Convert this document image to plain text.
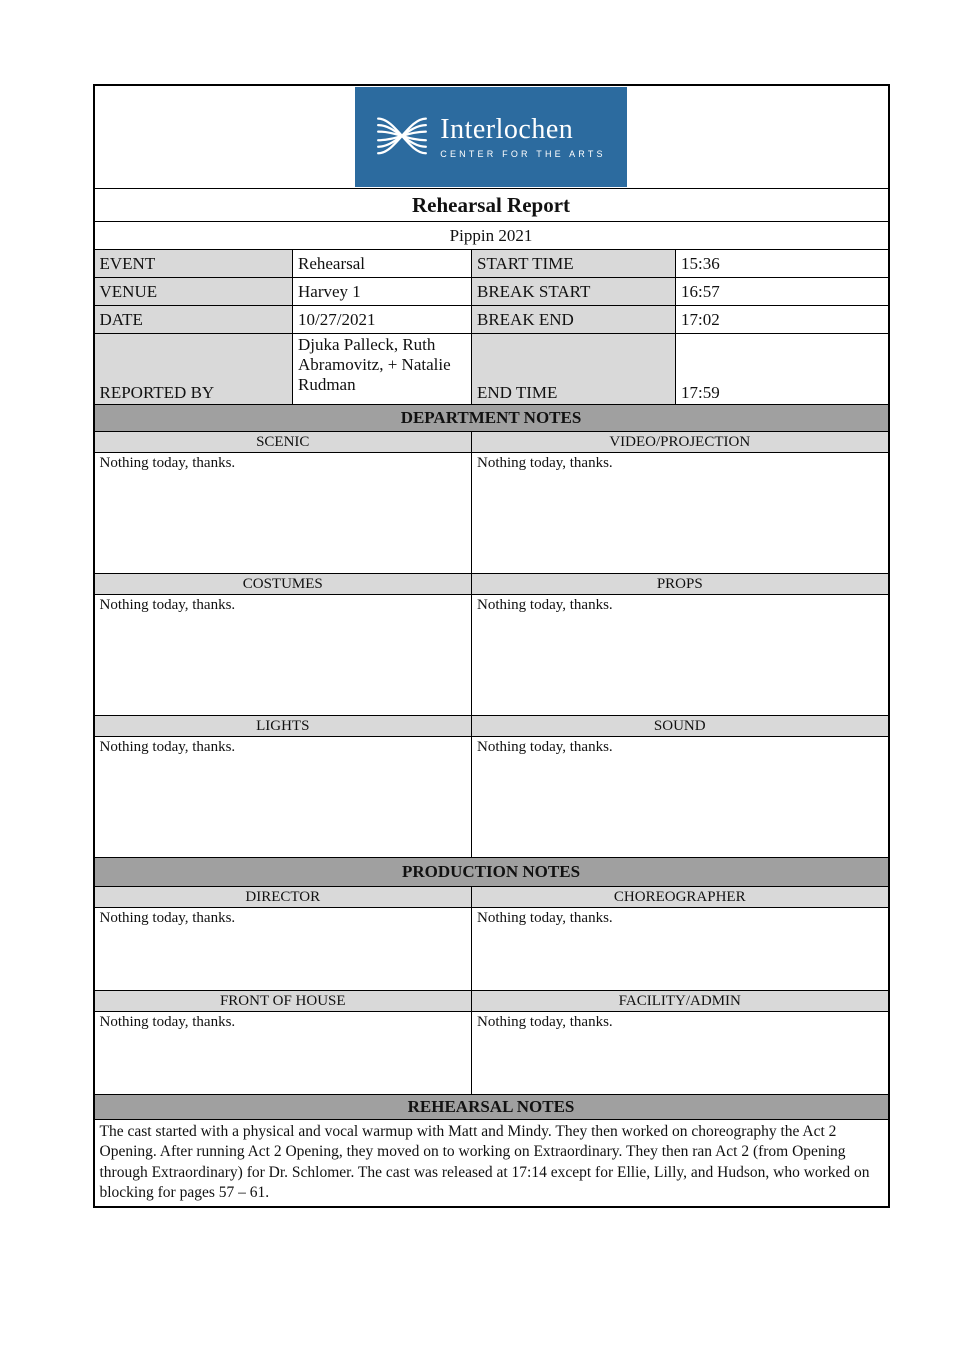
Interlochen
CENTER FOR THE ARTS			

Rehearsal Report			
Pippin 2021			
EVENT	Rehearsal	START TIME	15:36
VENUE	Harvey 1	BREAK START	16:57
DATE	10/27/2021	BREAK END	17:02
REPORTED BY	Djuka Palleck, Ruth Abramovitz, + Natalie Rudman	END TIME	17:59
DEPARTMENT NOTES			
SCENIC		VIDEO/PROJECTION	
Nothing today, thanks.		Nothing today, thanks.	
COSTUMES		PROPS	
Nothing today, thanks.		Nothing today, thanks.	
LIGHTS		SOUND	
Nothing today, thanks.		Nothing today, thanks.	
PRODUCTION NOTES			
DIRECTOR		CHOREOGRAPHER	
Nothing today, thanks.		Nothing today, thanks.	
FRONT OF HOUSE		FACILITY/ADMIN	
Nothing today, thanks.		Nothing today, thanks.	
REHEARSAL NOTES			
The cast started with a physical and vocal warmup with Matt and Mindy. They then worked on choreography the Act 2 Opening. After running Act 2 Opening, they moved on to working on Extraordinary. They then ran Act 2 (from Opening through Extraordinary) for Dr. Schlomer. The cast was released at 17:14 except for Ellie, Lilly, and Hudson, who worked on blocking for pages 57 – 61.			
